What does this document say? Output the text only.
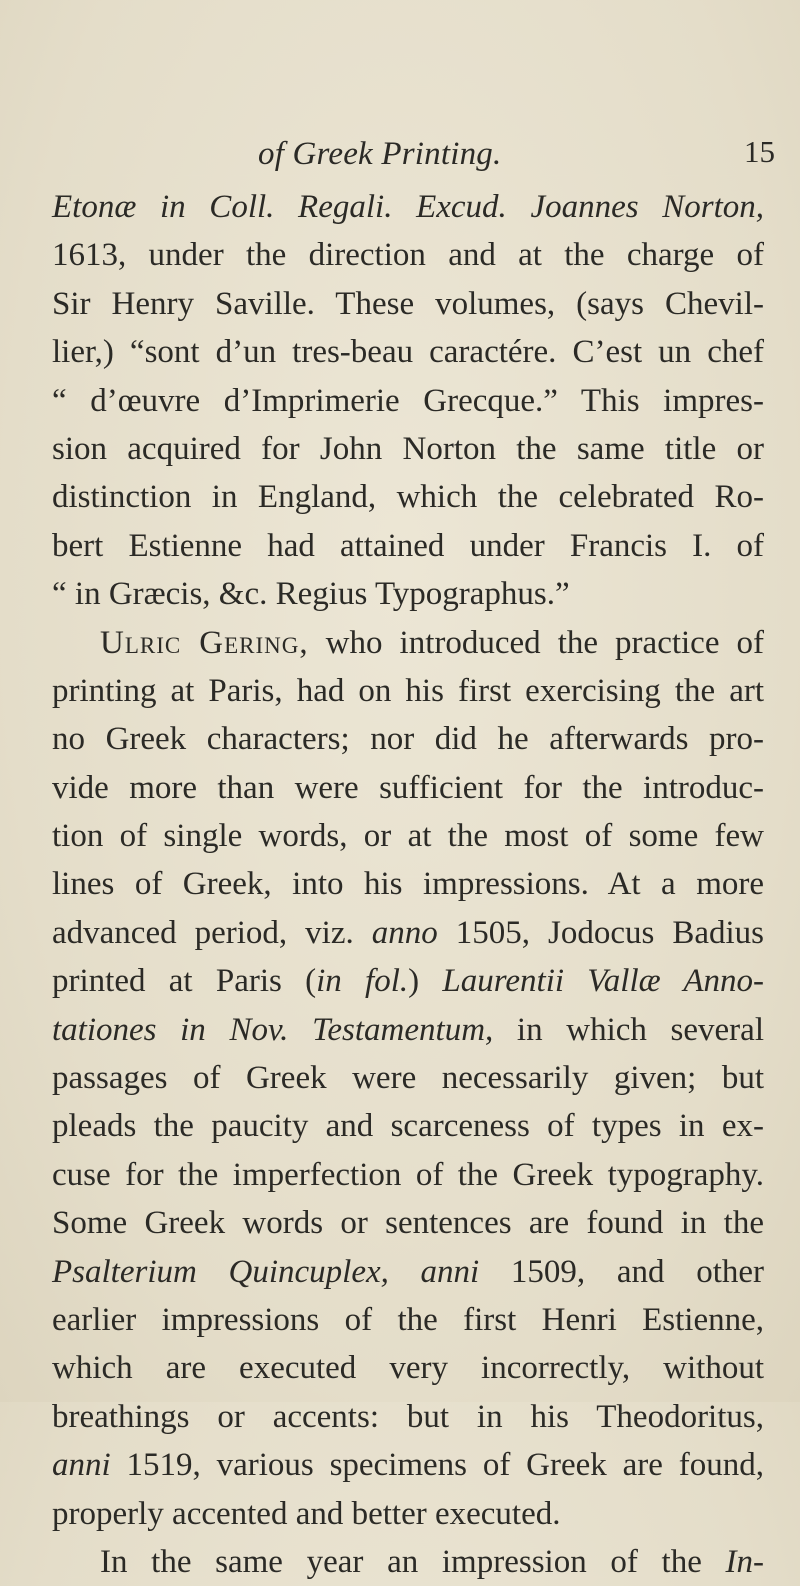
of Greek Printing.	15
Etonæ in Coll. Regali. Excud. Joannes Norton,
1613, under the direction and at the charge of
Sir Henry Saville. These volumes, (says Chevil-
lier,) “sont d’un tres-beau caractére. C’est un chef
“ d’œuvre d’Imprimerie Grecque.” This impres-
sion acquired for John Norton the same title or
distinction in England, which the celebrated Ro-
bert Estienne had attained under Francis I. of
“ in Græcis, &c. Regius Typographus.”
Ulric Gering, who introduced the practice of
printing at Paris, had on his first exercising the art
no Greek characters; nor did he afterwards pro-
vide more than were sufficient for the introduc-
tion of single words, or at the most of some few
lines of Greek, into his impressions. At a more
advanced period, viz. anno 1505, Jodocus Badius
printed at Paris (in fol.) Laurentii Vallæ Anno-
tationes in Nov. Testamentum, in which several
passages of Greek were necessarily given; but
pleads the paucity and scarceness of types in ex-
cuse for the imperfection of the Greek typography.
Some Greek words or sentences are found in the
Psalterium Quincuplex, anni 1509, and other
earlier impressions of the first Henri Estienne,
which are executed very incorrectly, without
breathings or accents: but in his Theodoritus,
anni 1519, various specimens of Greek are found,
properly accented and better executed.
In the same year an impression of the In-
